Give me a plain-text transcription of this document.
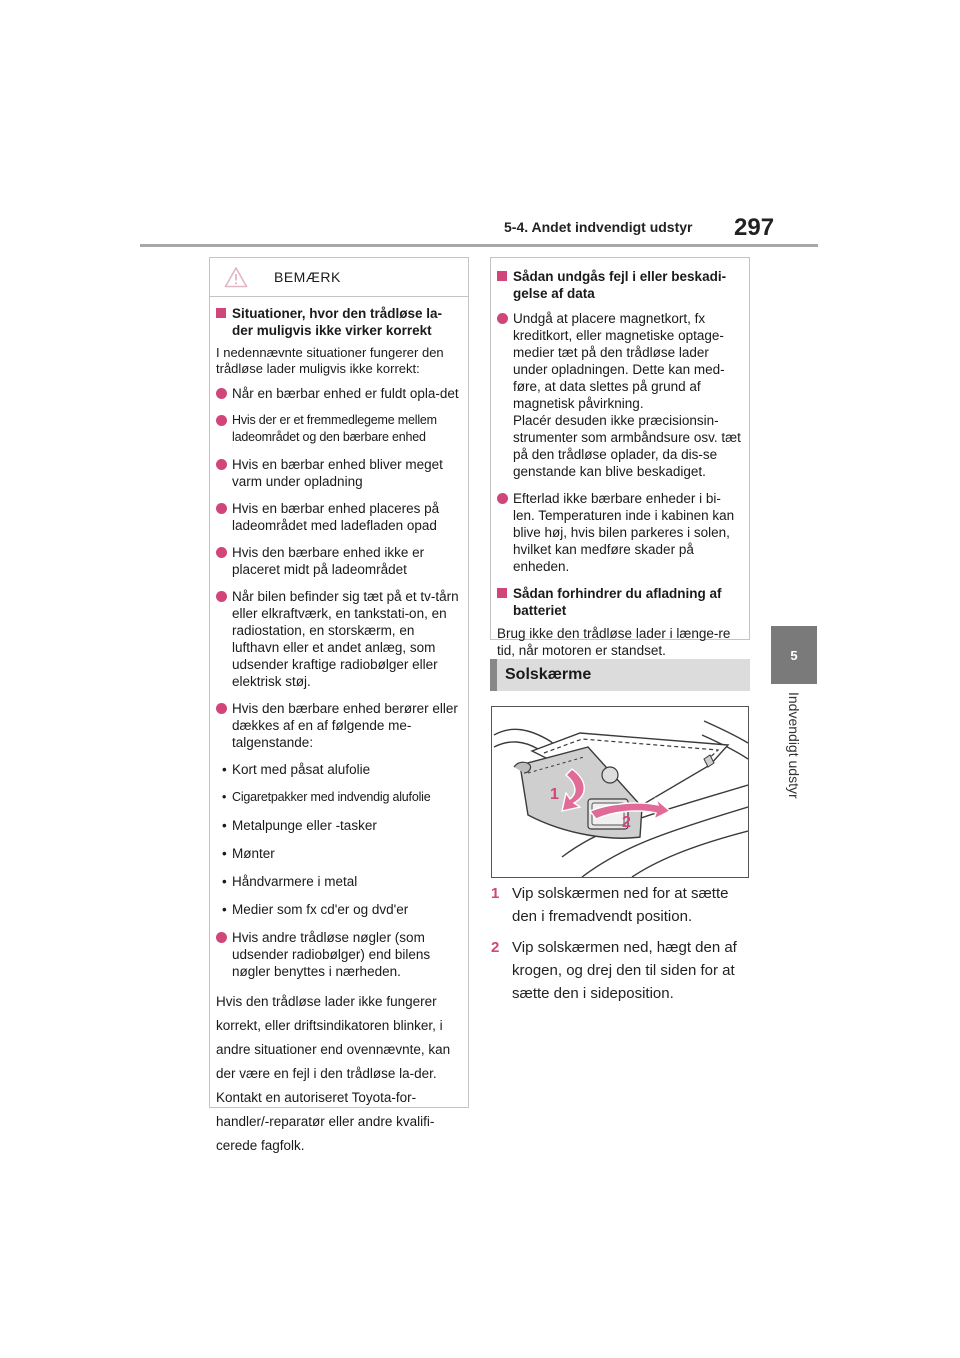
5-4. Andet indvendigt udstyr 297
5
Indvendigt udstyr
BEMÆRK
Situationer, hvor den trådløse la-der muligvis ikke virker korrekt
I nedennævnte situationer fungerer den trådløse lader muligvis ikke korrekt:
Når en bærbar enhed er fuldt opla-det
Hvis der er et fremmedlegeme mellem ladeområdet og den bærbare enhed
Hvis en bærbar enhed bliver meget varm under opladning
Hvis en bærbar enhed placeres på ladeområdet med ladefladen opad
Hvis den bærbare enhed ikke er placeret midt på ladeområdet
Når bilen befinder sig tæt på et tv-tårn eller elkraftværk, en tankstati-on, en radiostation, en storskærm, en lufthavn eller et andet anlæg, som udsender kraftige radiobølger eller elektrisk støj.
Hvis den bærbare enhed berører eller dækkes af en af følgende me-talgenstande:
• Kort med påsat alufolie
• Cigaretpakker med indvendig alufolie
• Metalpunge eller -tasker
• Mønter
• Håndvarmere i metal
• Medier som fx cd'er og dvd'er
Hvis andre trådløse nøgler (som udsender radiobølger) end bilens nøgler benyttes i nærheden.
Hvis den trådløse lader ikke fungerer korrekt, eller driftsindikatoren blinker, i andre situationer end ovennævnte, kan der være en fejl i den trådløse la-der. Kontakt en autoriseret Toyota-for-handler/-reparatør eller andre kvalifi-cerede fagfolk.
Sådan undgås fejl i eller beskadi-gelse af data
Undgå at placere magnetkort, fx kreditkort, eller magnetiske optage-medier tæt på den trådløse lader under opladningen. Dette kan med-føre, at data slettes på grund af magnetisk påvirkning.
Placér desuden ikke præcisionsin-strumenter som armbåndsure osv. tæt på den trådløse oplader, da dis-se genstande kan blive beskadiget.
Efterlad ikke bærbare enheder i bi-len. Temperaturen inde i kabinen kan blive høj, hvis bilen parkeres i solen, hvilket kan medføre skader på enheden.
Sådan forhindrer du afladning af batteriet
Brug ikke den trådløse lader i længe-re tid, når motoren er standset.
Solskærme
1
2
1 Vip solskærmen ned for at sætte den i fremadvendt position.
2 Vip solskærmen ned, hægt den af krogen, og drej den til siden for at sætte den i sideposition.
